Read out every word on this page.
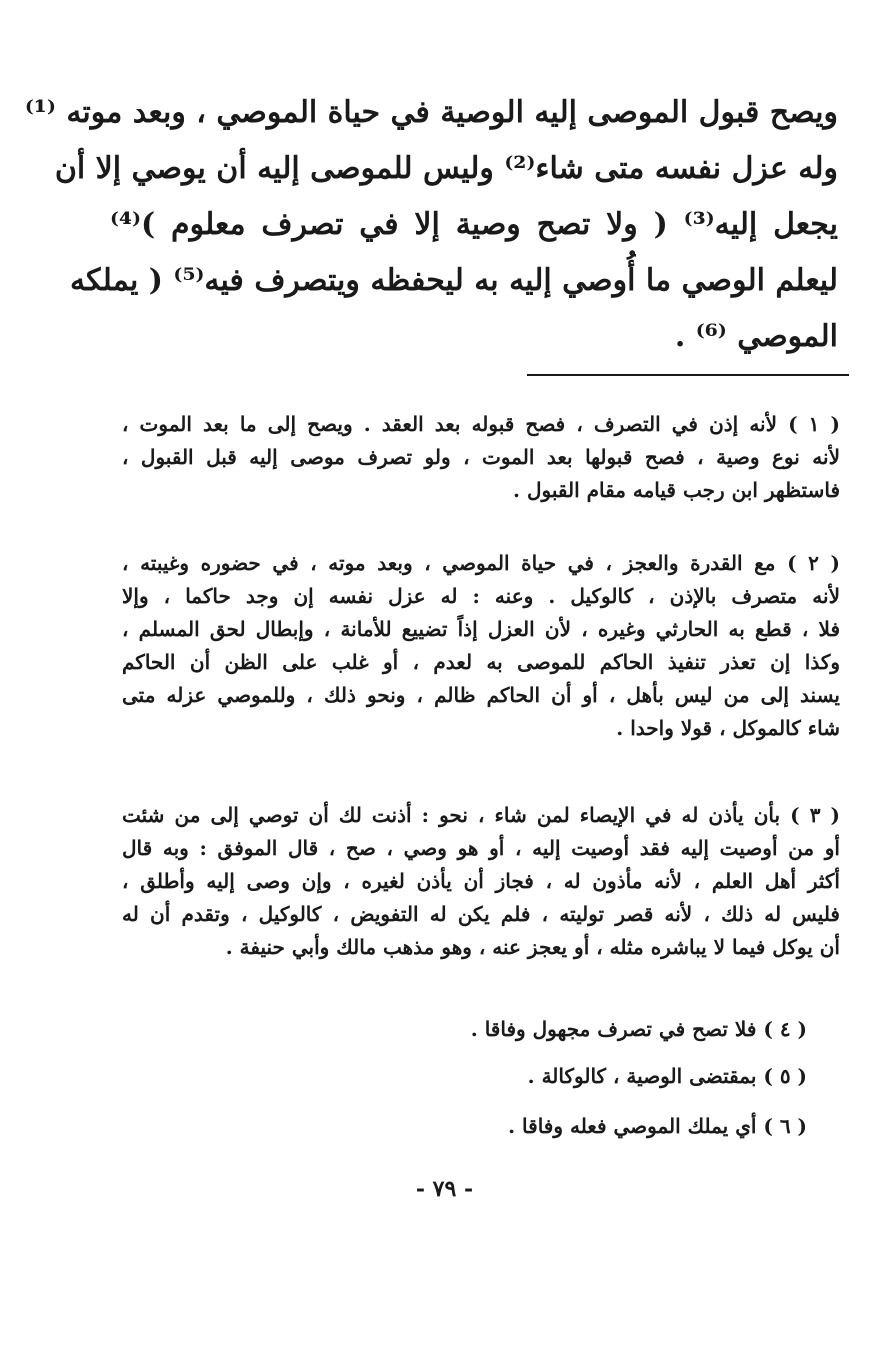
ويصح قبول الموصى إليه الوصية في حياة الموصي ، وبعد موته ⁽¹⁾
وله عزل نفسه متى شاء⁽²⁾ وليس للموصى إليه أن يوصي إلا أن
يجعل إليه⁽³⁾ ( ولا تصح وصية إلا في تصرف معلوم )⁽⁴⁾
ليعلم الوصي ما أُوصي إليه به ليحفظه ويتصرف فيه⁽⁵⁾ ( يملكه
الموصي ⁽⁶⁾ .
( ١ ) لأنه إذن في التصرف ، فصح قبوله بعد العقد . ويصح إلى ما بعد الموت ،
لأنه نوع وصية ، فصح قبولها بعد الموت ، ولو تصرف موصى إليه قبل القبول ،
فاستظهر ابن رجب قيامه مقام القبول .
( ٢ ) مع القدرة والعجز ، في حياة الموصي ، وبعد موته ، في حضوره وغيبته ،
لأنه متصرف بالإذن ، كالوكيل . وعنه : له عزل نفسه إن وجد حاكما ، وإلا
فلا ، قطع به الحارثي وغيره ، لأن العزل إذاً تضييع للأمانة ، وإبطال لحق المسلم ،
وكذا إن تعذر تنفيذ الحاكم للموصى به لعدم ، أو غلب على الظن أن الحاكم
يسند إلى من ليس بأهل ، أو أن الحاكم ظالم ، ونحو ذلك ، وللموصي عزله متى
شاء كالموكل ، قولا واحدا .
( ٣ ) بأن يأذن له في الإيصاء لمن شاء ، نحو : أذنت لك أن توصي إلى من شئت
أو من أوصيت إليه فقد أوصيت إليه ، أو هو وصي ، صح ، قال الموفق : وبه قال
أكثر أهل العلم ، لأنه مأذون له ، فجاز أن يأذن لغيره ، وإن وصى إليه وأطلق ،
فليس له ذلك ، لأنه قصر توليته ، فلم يكن له التفويض ، كالوكيل ، وتقدم أن له
أن يوكل فيما لا يباشره مثله ، أو يعجز عنه ، وهو مذهب مالك وأبي حنيفة .
( ٤ ) فلا تصح في تصرف مجهول وفاقا .
( ٥ ) بمقتضى الوصية ، كالوكالة .
( ٦ ) أي يملك الموصي فعله وفاقا .
- ٧٩ -
